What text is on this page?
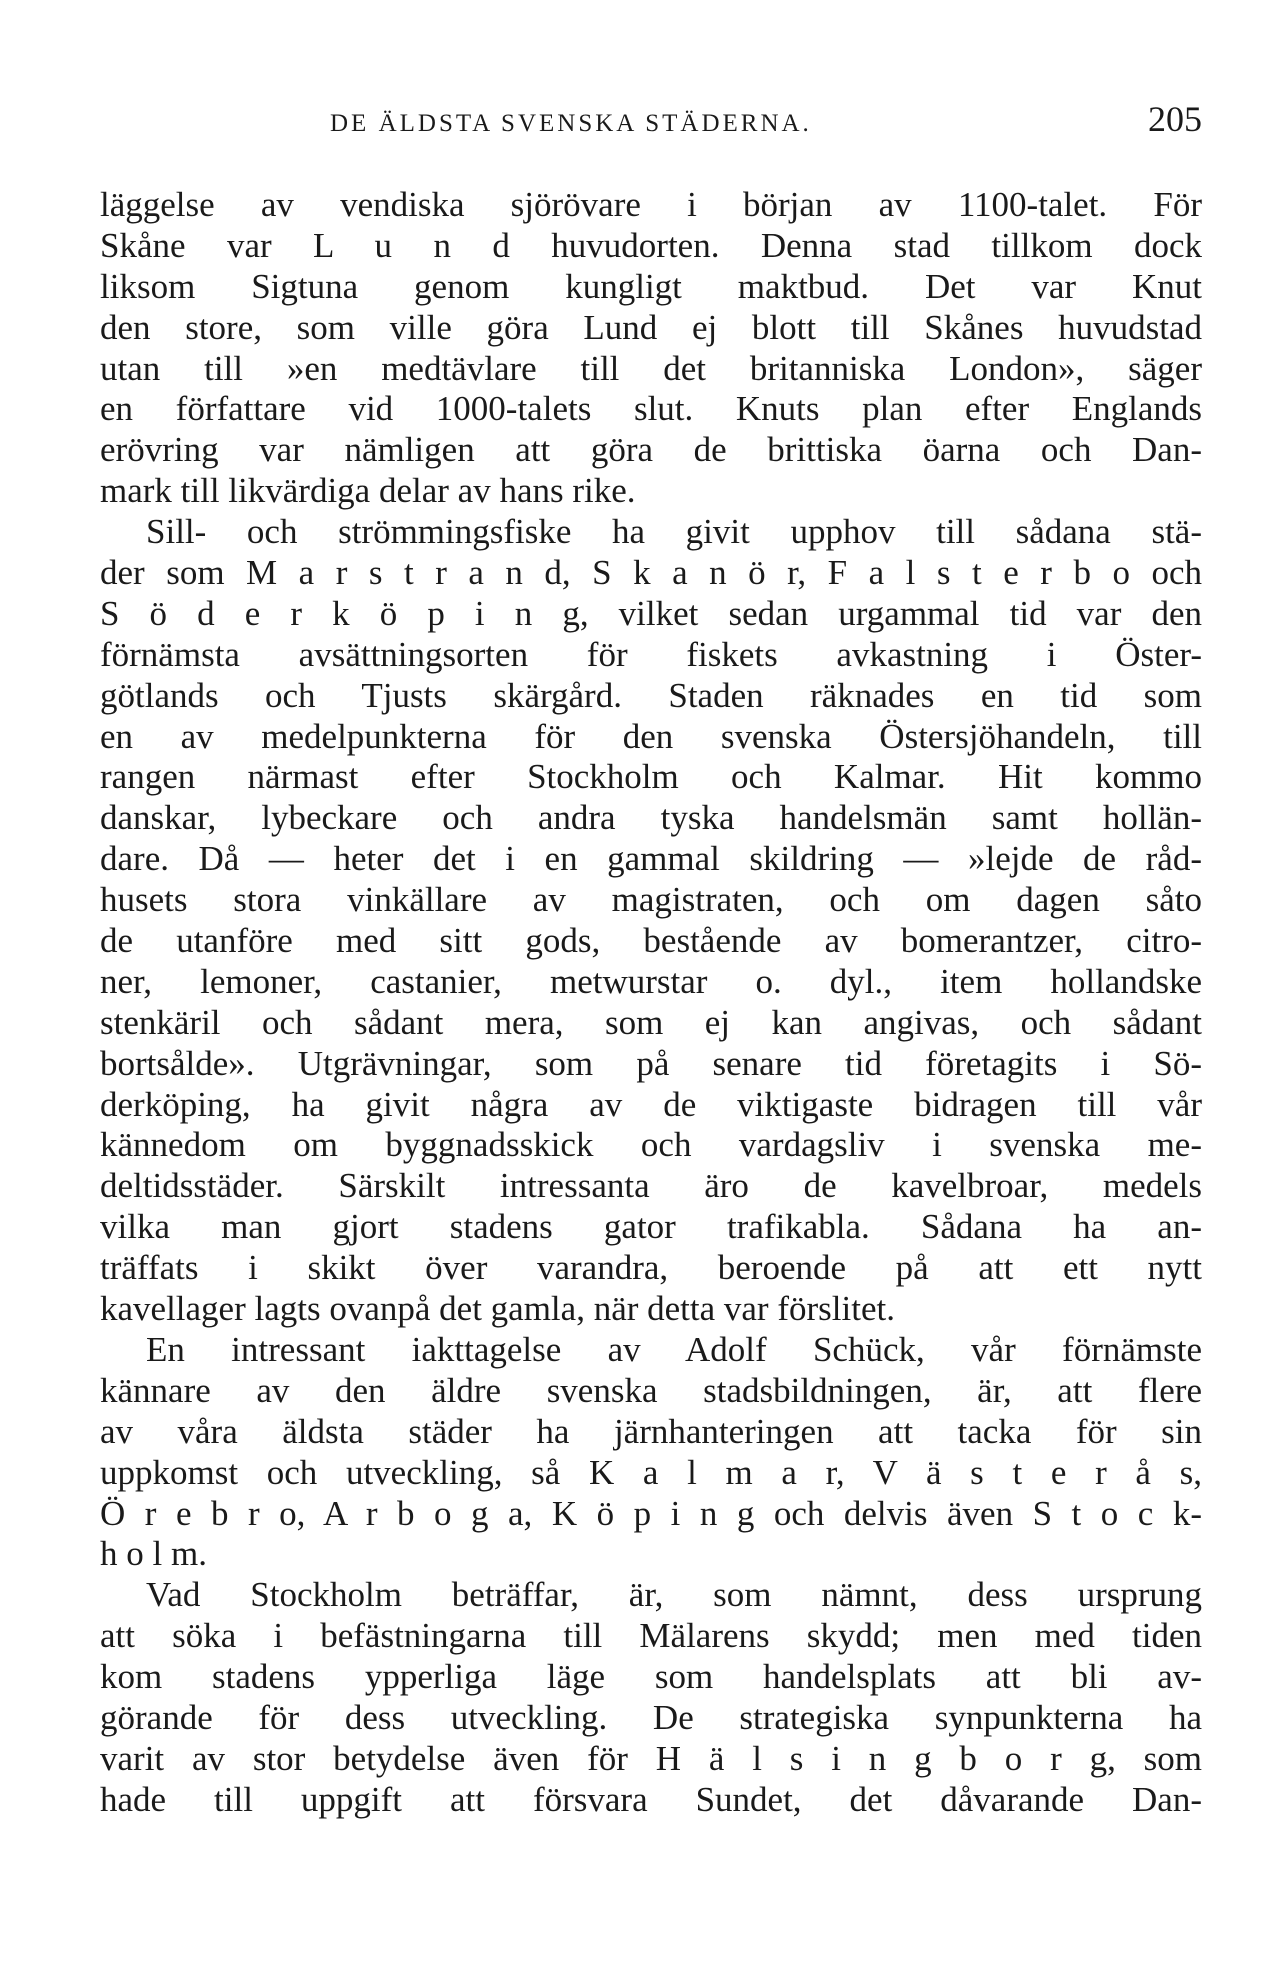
DE ÄLDSTA SVENSKA STÄDERNA.	205
läggelse av vendiska sjörövare i början av 1100-talet. För
Skåne var L u n d huvudorten. Denna stad tillkom dock
liksom Sigtuna genom kungligt maktbud. Det var Knut
den store, som ville göra Lund ej blott till Skånes huvudstad
utan till »en medtävlare till det britanniska London», säger
en författare vid 1000-talets slut. Knuts plan efter Englands
erövring var nämligen att göra de brittiska öarna och Dan-
mark till likvärdiga delar av hans rike.
Sill- och strömmingsfiske ha givit upphov till sådana stä-
der som M a r s t r a n d, S k a n ö r, F a l s t e r b o och
S ö d e r k ö p i n g, vilket sedan urgammal tid var den
förnämsta avsättningsorten för fiskets avkastning i Öster-
götlands och Tjusts skärgård. Staden räknades en tid som
en av medelpunkterna för den svenska Östersjöhandeln, till
rangen närmast efter Stockholm och Kalmar. Hit kommo
danskar, lybeckare och andra tyska handelsmän samt hollän-
dare. Då — heter det i en gammal skildring — »lejde de råd-
husets stora vinkällare av magistraten, och om dagen såto
de utanföre med sitt gods, bestående av bomerantzer, citro-
ner, lemoner, castanier, metwurstar o. dyl., item hollandske
stenkäril och sådant mera, som ej kan angivas, och sådant
bortsålde». Utgrävningar, som på senare tid företagits i Sö-
derköping, ha givit några av de viktigaste bidragen till vår
kännedom om byggnadsskick och vardagsliv i svenska me-
deltidsstäder. Särskilt intressanta äro de kavelbroar, medels
vilka man gjort stadens gator trafikabla. Sådana ha an-
träffats i skikt över varandra, beroende på att ett nytt
kavellager lagts ovanpå det gamla, när detta var förslitet.
En intressant iakttagelse av Adolf Schück, vår förnämste
kännare av den äldre svenska stadsbildningen, är, att flere
av våra äldsta städer ha järnhanteringen att tacka för sin
uppkomst och utveckling, så K a l m a r, V ä s t e r å s,
Ö r e b r o, A r b o g a, K ö p i n g och delvis även S t o c k-
h o l m.
Vad Stockholm beträffar, är, som nämnt, dess ursprung
att söka i befästningarna till Mälarens skydd; men med tiden
kom stadens ypperliga läge som handelsplats att bli av-
görande för dess utveckling. De strategiska synpunkterna ha
varit av stor betydelse även för H ä l s i n g b o r g, som
hade till uppgift att försvara Sundet, det dåvarande Dan-
